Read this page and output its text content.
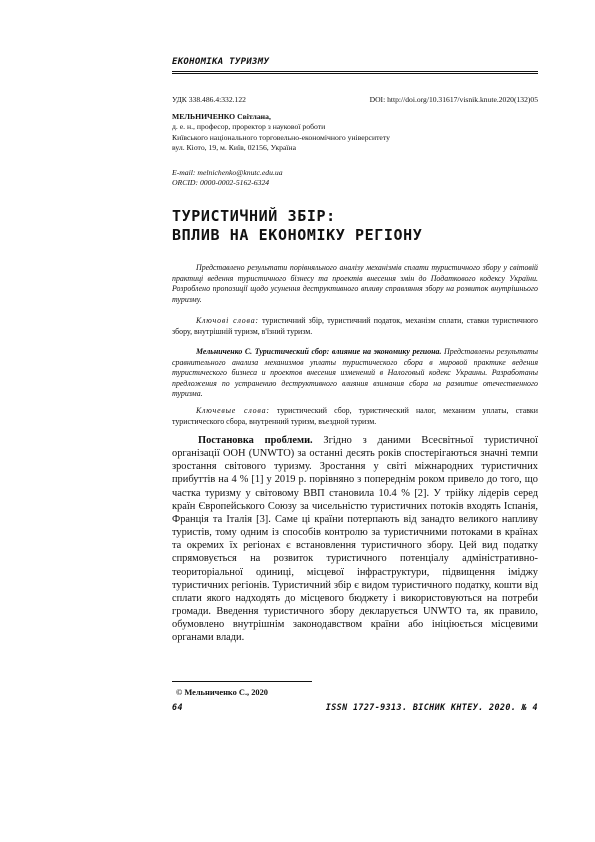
ЕКОНОМІКА ТУРИЗМУ
УДК 338.486.4:332.122	DOI: http://doi.org/10.31617/visnik.knute.2020(132)05
МЕЛЬНИЧЕНКО Світлана,
д. е. н., професор, проректор з наукової роботи
Київського національного торговельно-економічного університету
вул. Кіото, 19, м. Київ, 02156, Україна
E-mail: melnichenko@knutc.edu.ua
ORCID: 0000-0002-5162-6324
ТУРИСТИЧНИЙ ЗБІР:
ВПЛИВ НА ЕКОНОМІКУ РЕГІОНУ
Представлено результати порівняльного аналізу механізмів сплати туристичного збору у світовій практиці ведення туристичного бізнесу та проектів внесення змін до Податкового кодексу України. Розроблено пропозиції щодо усунення деструктивного впливу справляння збору на розвиток внутрішнього туризму.
Ключові слова: туристичний збір, туристичний податок, механізм сплати, ставки туристичного збору, внутрішній туризм, в'їзний туризм.
Мельниченко С. Туристический сбор: влияние на экономику региона. Представлены результаты сравнительного анализа механизмов уплаты туристического сбора в мировой практике ведения туристического бизнеса и проектов внесения изменений в Налоговый кодекс Украины. Разработаны предложения по устранению деструктивного влияния взимания сбора на развитие отечественного туризма.
Ключевые слова: туристический сбор, туристический налог, механизм уплаты, ставки туристического сбора, внутренний туризм, въездной туризм.
Постановка проблеми. Згідно з даними Всесвітньої туристичної організації ООН (UNWTO) за останні десять років спостерігаються значні темпи зростання світового туризму. Зростання у світі міжнародних туристичних прибуттів на 4 % [1] у 2019 р. порівняно з попереднім роком привело до того, що частка туризму у світовому ВВП становила 10.4 % [2]. У трійку лідерів серед країн Європейського Союзу за чисельністю туристичних потоків входять Іспанія, Франція та Італія [3]. Саме ці країни потерпають від занадто великого напливу туристів, тому одним із способів контролю за туристичними потоками в країнах та окремих їх регіонах є встановлення туристичного збору. Цей вид податку спрямовується на розвиток туристичного потенціалу адміністративно-теориторіальної одиниці, місцевої інфраструктури, підвищення іміджу туристичних регіонів. Туристичний збір є видом туристичного податку, кошти від сплати якого надходять до місцевого бюджету і використовуються на потреби громади. Введення туристичного збору декларується UNWTO та, як правило, обумовлено внутрішнім законодавством країни або ініціюється місцевими органами влади.
© Мельниченко С., 2020
64	ISSN 1727-9313. ВІСНИК КНТЕУ. 2020. № 4
